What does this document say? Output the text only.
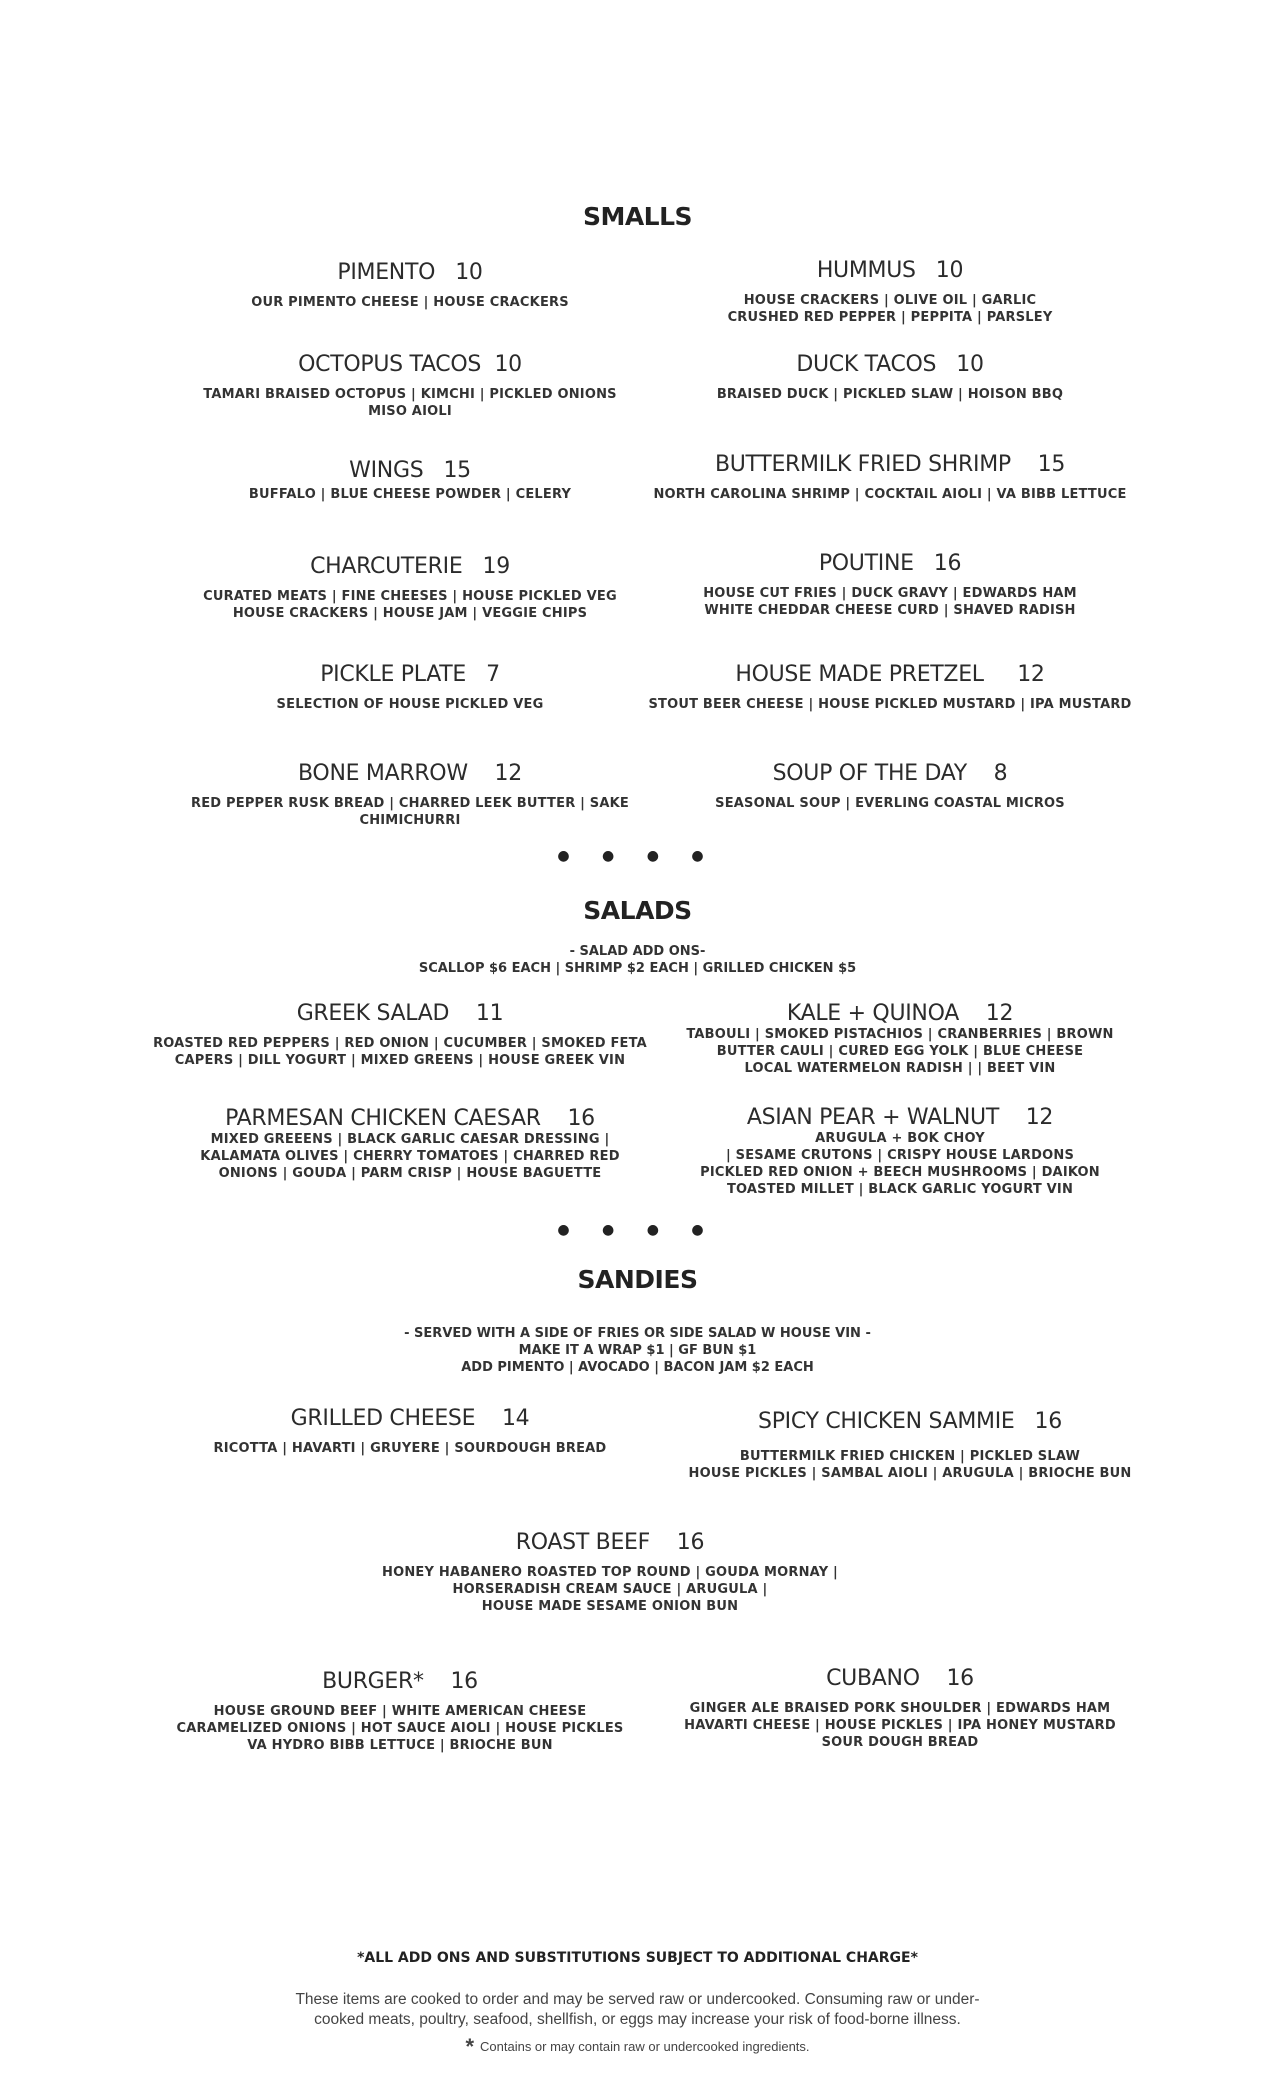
SMALLS
PIMENTO   10
OUR PIMENTO CHEESE | HOUSE CRACKERS
HUMMUS   10
HOUSE CRACKERS | OLIVE OIL | GARLIC
CRUSHED RED PEPPER | PEPPITA | PARSLEY
OCTOPUS TACOS  10
TAMARI BRAISED OCTOPUS | KIMCHI | PICKLED ONIONS
MISO AIOLI
DUCK TACOS   10
BRAISED DUCK | PICKLED SLAW | HOISON BBQ
WINGS   15
BUFFALO | BLUE CHEESE POWDER | CELERY
BUTTERMILK FRIED SHRIMP    15
NORTH CAROLINA SHRIMP | COCKTAIL AIOLI | VA BIBB LETTUCE
CHARCUTERIE   19
CURATED MEATS | FINE CHEESES | HOUSE PICKLED VEG
HOUSE CRACKERS | HOUSE JAM | VEGGIE CHIPS
POUTINE   16
HOUSE CUT FRIES | DUCK GRAVY | EDWARDS HAM
WHITE CHEDDAR CHEESE CURD | SHAVED RADISH
PICKLE PLATE   7
SELECTION OF HOUSE PICKLED VEG
HOUSE MADE PRETZEL     12
STOUT BEER CHEESE | HOUSE PICKLED MUSTARD | IPA MUSTARD
BONE MARROW    12
RED PEPPER RUSK BREAD | CHARRED LEEK BUTTER | SAKE
CHIMICHURRI
SOUP OF THE DAY    8
SEASONAL SOUP | EVERLING COASTAL MICROS
● ● ● ●
SALADS
- SALAD ADD ONS-
SCALLOP $6 EACH | SHRIMP $2 EACH | GRILLED CHICKEN $5
GREEK SALAD    11
ROASTED RED PEPPERS | RED ONION | CUCUMBER | SMOKED FETA
CAPERS | DILL YOGURT | MIXED GREENS | HOUSE GREEK VIN
KALE + QUINOA    12
TABOULI | SMOKED PISTACHIOS | CRANBERRIES | BROWN
BUTTER CAULI | CURED EGG YOLK | BLUE CHEESE
LOCAL WATERMELON RADISH | | BEET VIN
PARMESAN CHICKEN CAESAR    16
MIXED GREEENS | BLACK GARLIC CAESAR DRESSING |
KALAMATA OLIVES | CHERRY TOMATOES | CHARRED RED
ONIONS | GOUDA | PARM CRISP | HOUSE BAGUETTE
ASIAN PEAR + WALNUT    12
ARUGULA + BOK CHOY
| SESAME CRUTONS | CRISPY HOUSE LARDONS
PICKLED RED ONION + BEECH MUSHROOMS | DAIKON
TOASTED MILLET | BLACK GARLIC YOGURT VIN
● ● ● ●
SANDIES
- SERVED WITH A SIDE OF FRIES OR SIDE SALAD W HOUSE VIN -
MAKE IT A WRAP $1 | GF BUN $1
ADD PIMENTO | AVOCADO | BACON JAM $2 EACH
GRILLED CHEESE    14
RICOTTA | HAVARTI | GRUYERE | SOURDOUGH BREAD
SPICY CHICKEN SAMMIE   16
BUTTERMILK FRIED CHICKEN | PICKLED SLAW
HOUSE PICKLES | SAMBAL AIOLI | ARUGULA | BRIOCHE BUN
ROAST BEEF    16
HONEY HABANERO ROASTED TOP ROUND | GOUDA MORNAY |
HORSERADISH CREAM SAUCE | ARUGULA |
HOUSE MADE SESAME ONION BUN
BURGER*    16
HOUSE GROUND BEEF | WHITE AMERICAN CHEESE
CARAMELIZED ONIONS | HOT SAUCE AIOLI | HOUSE PICKLES
VA HYDRO BIBB LETTUCE | BRIOCHE BUN
CUBANO    16
GINGER ALE BRAISED PORK SHOULDER | EDWARDS HAM
HAVARTI CHEESE | HOUSE PICKLES | IPA HONEY MUSTARD
SOUR DOUGH BREAD
*ALL ADD ONS AND SUBSTITUTIONS SUBJECT TO ADDITIONAL CHARGE*
These items are cooked to order and may be served raw or undercooked. Consuming raw or under-
cooked meats, poultry, seafood, shellfish, or eggs may increase your risk of food-borne illness.
* Contains or may contain raw or undercooked ingredients.
